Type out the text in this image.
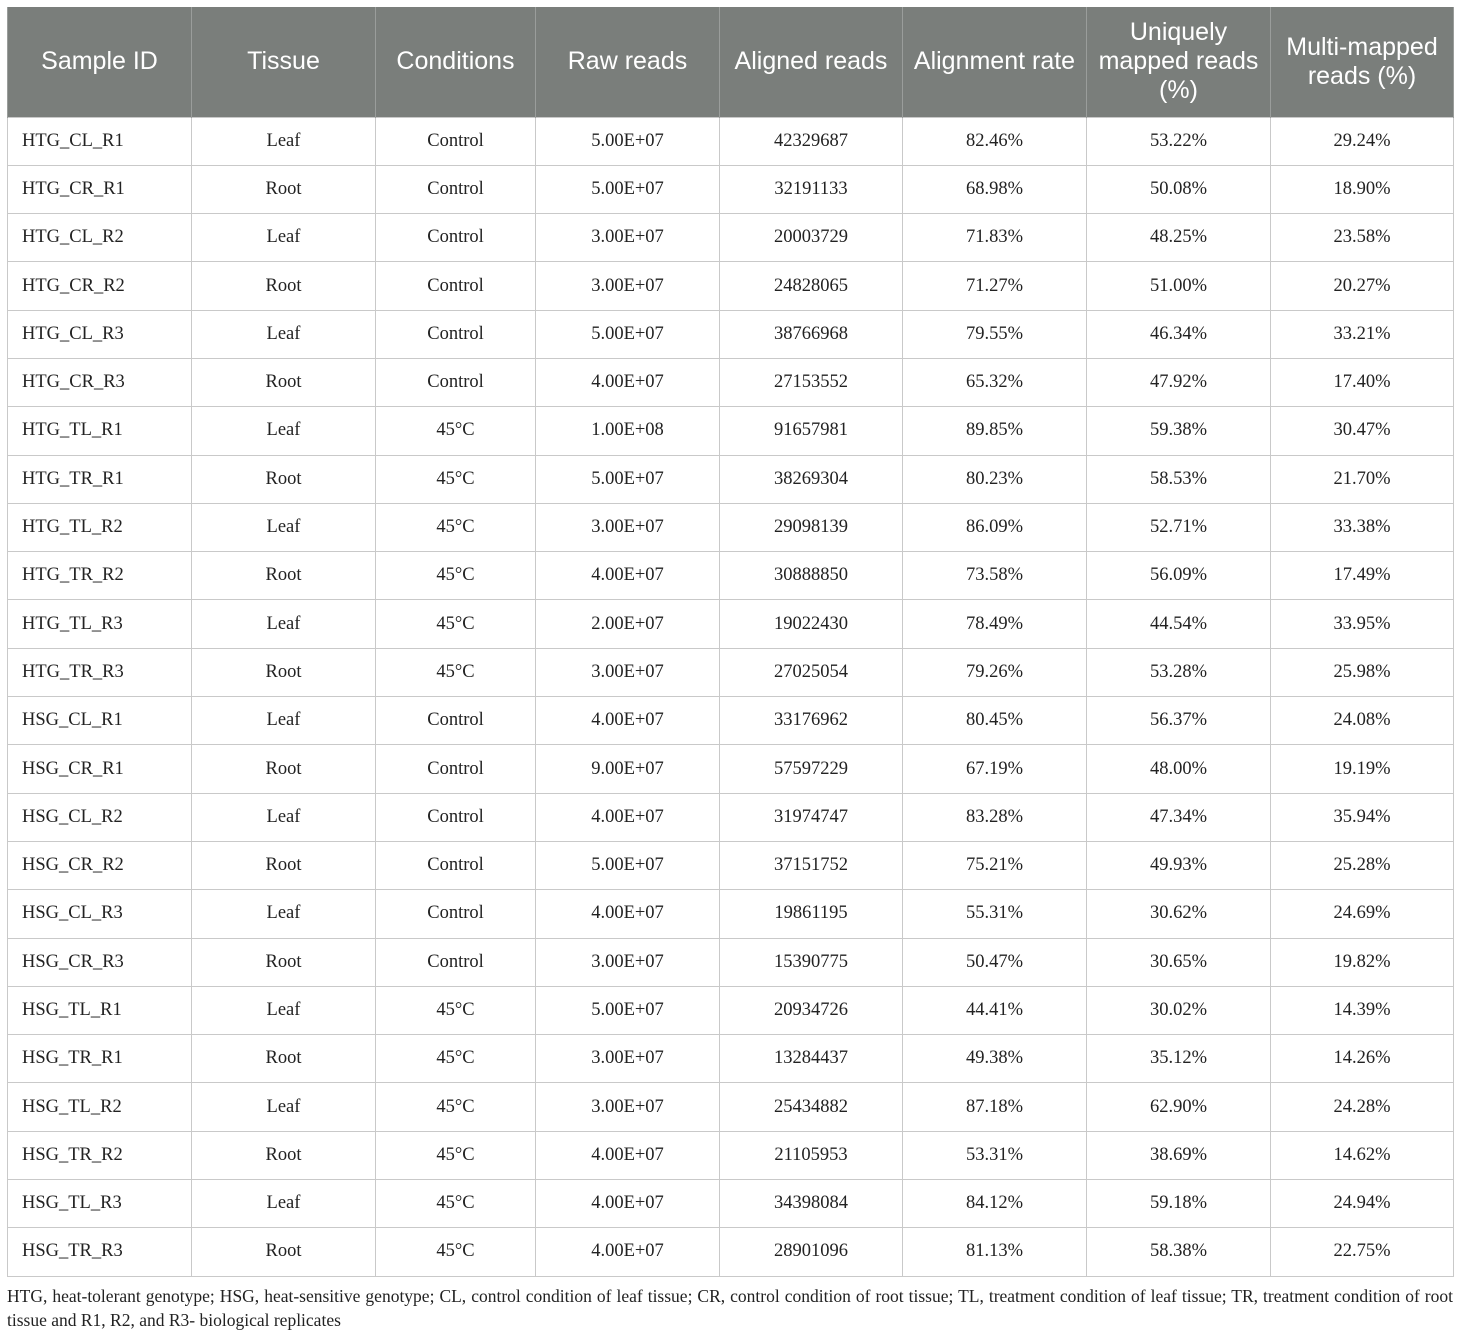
Sample ID	Tissue	Conditions	Raw reads	Aligned reads	Alignment rate	Uniquely mapped reads (%)	Multi-mapped reads (%)
HTG_CL_R1	Leaf	Control	5.00E+07	42329687	82.46%	53.22%	29.24%
HTG_CR_R1	Root	Control	5.00E+07	32191133	68.98%	50.08%	18.90%
HTG_CL_R2	Leaf	Control	3.00E+07	20003729	71.83%	48.25%	23.58%
HTG_CR_R2	Root	Control	3.00E+07	24828065	71.27%	51.00%	20.27%
HTG_CL_R3	Leaf	Control	5.00E+07	38766968	79.55%	46.34%	33.21%
HTG_CR_R3	Root	Control	4.00E+07	27153552	65.32%	47.92%	17.40%
HTG_TL_R1	Leaf	45°C	1.00E+08	91657981	89.85%	59.38%	30.47%
HTG_TR_R1	Root	45°C	5.00E+07	38269304	80.23%	58.53%	21.70%
HTG_TL_R2	Leaf	45°C	3.00E+07	29098139	86.09%	52.71%	33.38%
HTG_TR_R2	Root	45°C	4.00E+07	30888850	73.58%	56.09%	17.49%
HTG_TL_R3	Leaf	45°C	2.00E+07	19022430	78.49%	44.54%	33.95%
HTG_TR_R3	Root	45°C	3.00E+07	27025054	79.26%	53.28%	25.98%
HSG_CL_R1	Leaf	Control	4.00E+07	33176962	80.45%	56.37%	24.08%
HSG_CR_R1	Root	Control	9.00E+07	57597229	67.19%	48.00%	19.19%
HSG_CL_R2	Leaf	Control	4.00E+07	31974747	83.28%	47.34%	35.94%
HSG_CR_R2	Root	Control	5.00E+07	37151752	75.21%	49.93%	25.28%
HSG_CL_R3	Leaf	Control	4.00E+07	19861195	55.31%	30.62%	24.69%
HSG_CR_R3	Root	Control	3.00E+07	15390775	50.47%	30.65%	19.82%
HSG_TL_R1	Leaf	45°C	5.00E+07	20934726	44.41%	30.02%	14.39%
HSG_TR_R1	Root	45°C	3.00E+07	13284437	49.38%	35.12%	14.26%
HSG_TL_R2	Leaf	45°C	3.00E+07	25434882	87.18%	62.90%	24.28%
HSG_TR_R2	Root	45°C	4.00E+07	21105953	53.31%	38.69%	14.62%
HSG_TL_R3	Leaf	45°C	4.00E+07	34398084	84.12%	59.18%	24.94%
HSG_TR_R3	Root	45°C	4.00E+07	28901096	81.13%	58.38%	22.75%
HTG, heat-tolerant genotype; HSG, heat-sensitive genotype; CL, control condition of leaf tissue; CR, control condition of root tissue; TL, treatment condition of leaf tissue; TR, treatment condition of root tissue and R1, R2, and R3- biological replicates
